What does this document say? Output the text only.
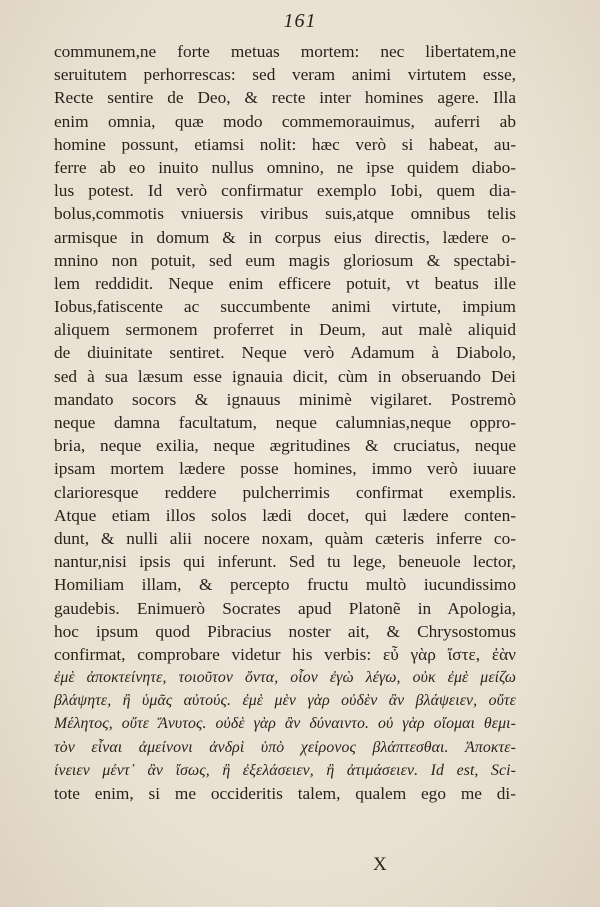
161
communem,ne forte metuas mortem: nec libertatem,ne
seruitutem perhorrescas: sed veram animi virtutem esse,
Recte sentire de Deo, & recte inter homines agere. Illa
enim omnia, quæ modo commemorauimus, auferri ab
homine possunt, etiamsi nolit: hæc verò si habeat, au-
ferre ab eo inuito nullus omnino, ne ipse quidem diabo-
lus potest. Id verò confirmatur exemplo Iobi, quem dia-
bolus,commotis vniuersis viribus suis,atque omnibus telis
armisque in domum & in corpus eius directis, lædere o-
mnino non potuit, sed eum magis gloriosum & spectabi-
lem reddidit. Neque enim efficere potuit, vt beatus ille
Iobus,fatiscente ac succumbente animi virtute, impium
aliquem sermonem proferret in Deum, aut malè aliquid
de diuinitate sentiret. Neque verò Adamum à Diabolo,
sed à sua læsum esse ignauia dicit, cùm in obseruando Dei
mandato socors & ignauus minimè vigilaret. Postremò
neque damna facultatum, neque calumnias,neque oppro-
bria, neque exilia, neque ægritudines & cruciatus, neque
ipsam mortem lædere posse homines, immo verò iuuare
clarioresque reddere pulcherrimis confirmat exemplis.
Atque etiam illos solos lædi docet, qui lædere conten-
dunt, & nulli alii nocere noxam, quàm cæteris inferre co-
nantur,nisi ipsis qui inferunt. Sed tu lege, beneuole lector,
Homiliam illam, & percepto fructu multò iucundissimo
gaudebis. Enimuerò Socrates apud Platonẽ in Apologia,
hoc ipsum quod Pibracius noster ait, & Chrysostomus
confirmat, comprobare videtur his verbis: εὖ γὰρ ἴστε, ἐὰν
ἐμὲ ἀποκτείνητε, τοιοῦτον ὄντα, οἷον ἐγὼ λέγω, οὐκ ἐμὲ μείζω
βλάψητε, ἢ ὑμᾶς αὐτούς. ἐμὲ μὲν γὰρ οὐδὲν ἂν βλάψειεν, οὔτε
Μέλητος, οὔτε Ἄνυτος. οὐδὲ γὰρ ἂν δύναιντο. οὐ γὰρ οἴομαι θεμι-
τὸν εἶναι ἀμείνονι ἀνδρὶ ὑπὸ χείρονος βλάπτεσθαι. Ἀποκτε-
ίνειεν μέντ᾽ ἂν ἴσως, ἢ ἐξελάσειεν, ἢ ἀτιμάσειεν. Id est, Sci-
tote enim, si me occideritis talem, qualem ego me di-
X
